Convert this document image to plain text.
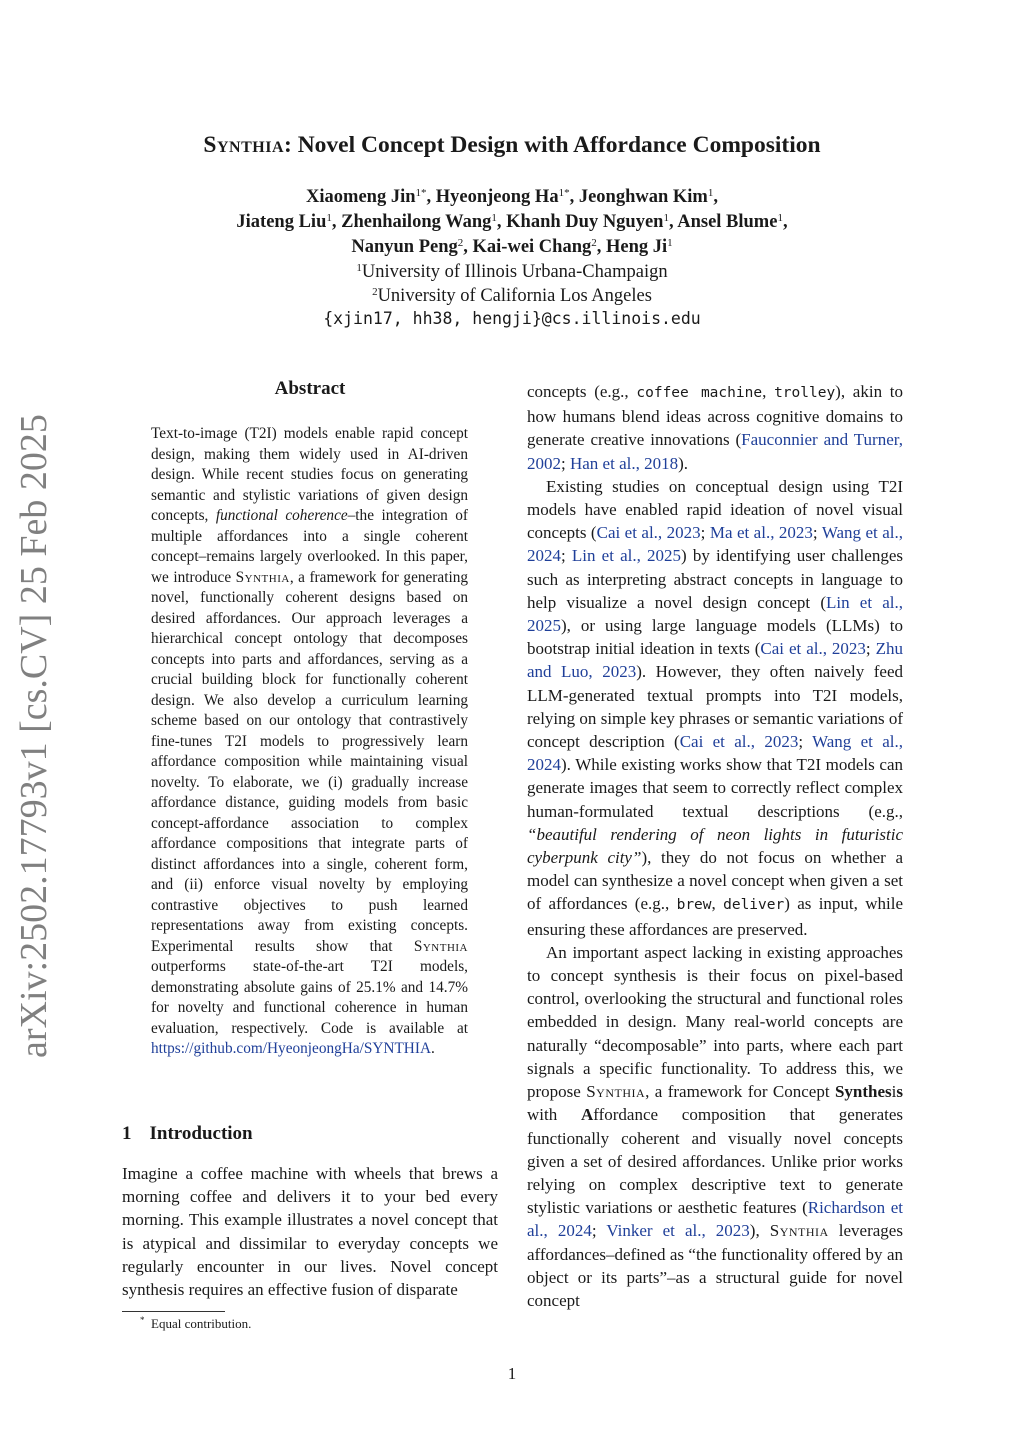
arXiv:2502.17793v1 [cs.CV] 25 Feb 2025
Synthia: Novel Concept Design with Affordance Composition
Xiaomeng Jin$^{1*}$, Hyeonjeong $Ha^{1*}$, Jeonghwan Kim$^1$,
Jiateng Liu$^1$, Zhenhailong Wang$^1$, Khanh Duy Nguyen$^1$, Ansel Blume$^1$,
Nanyun Peng$^2$, Kai-wei Chang$^2$, Heng Ji$^1$
$^1$University of Illinois Urbana-Champaign
$^2$University of California Los Angeles
{xjin17, hh38, hengji}@cs.illinois.edu
Abstract

Text-to-image (T2I) models enable rapid concept design, making them widely used in AI-driven design. While recent studies focus on generating semantic and stylistic variations of given design concepts, functional coherence–the integration of multiple affordances into a single coherent concept–remains largely overlooked. In this paper, we introduce Synthia, a framework for generating novel, functionally coherent designs based on desired affordances. Our approach leverages a hierarchical concept ontology that decomposes concepts into parts and affordances, serving as a crucial building block for functionally coherent design. We also develop a curriculum learning scheme based on our ontology that contrastively fine-tunes T2I models to progressively learn affordance composition while maintaining visual novelty. To elaborate, we (i) gradually increase affordance distance, guiding models from basic concept-affordance association to complex affordance compositions that integrate parts of distinct affordances into a single, coherent form, and (ii) enforce visual novelty by employing contrastive objectives to push learned representations away from existing concepts. Experimental results show that Synthia outperforms state-of-the-art T2I models, demonstrating absolute gains of 25.1% and 14.7% for novelty and functional coherence in human evaluation, respectively. Code is available at https://github.com/HyeonjeongHa/SYNTHIA.

1 Introduction

Imagine a coffee machine with wheels that brews a morning coffee and delivers it to your bed every morning. This example illustrates a novel concept that is atypical and dissimilar to everyday concepts we regularly encounter in our lives. Novel concept synthesis requires an effective fusion of disparate

* Equal contribution.

concepts (e.g., coffee machine, trolley), akin to how humans blend ideas across cognitive domains to generate creative innovations (Fauconnier and Turner, 2002; Han et al., 2018).

Existing studies on conceptual design using T2I models have enabled rapid ideation of novel visual concepts (Cai et al., 2023; Ma et al., 2023; Wang et al., 2024; Lin et al., 2025) by identifying user challenges such as interpreting abstract concepts in language to help visualize a novel design concept (Lin et al., 2025), or using large language models (LLMs) to bootstrap initial ideation in texts (Cai et al., 2023; Zhu and Luo, 2023). However, they often naively feed LLM-generated textual prompts into T2I models, relying on simple key phrases or semantic variations of concept description (Cai et al., 2023; Wang et al., 2024). While existing works show that T2I models can generate images that seem to correctly reflect complex human-formulated textual descriptions (e.g., “beautiful rendering of neon lights in futuristic cyberpunk city”), they do not focus on whether a model can synthesize a novel concept when given a set of affordances (e.g., brew, deliver) as input, while ensuring these affordances are preserved.

An important aspect lacking in existing approaches to concept synthesis is their focus on pixel-based control, overlooking the structural and functional roles embedded in design. Many real-world concepts are naturally “decomposable” into parts, where each part signals a specific functionality. To address this, we propose Synthia, a framework for Concept Synthesis with Affordance composition that generates functionally coherent and visually novel concepts given a set of desired affordances. Unlike prior works relying on complex descriptive text to generate stylistic variations or aesthetic features (Richardson et al., 2024; Vinker et al., 2023), Synthia leverages affordances–defined as “the functionality offered by an object or its parts”–as a structural guide for novel concept

1
